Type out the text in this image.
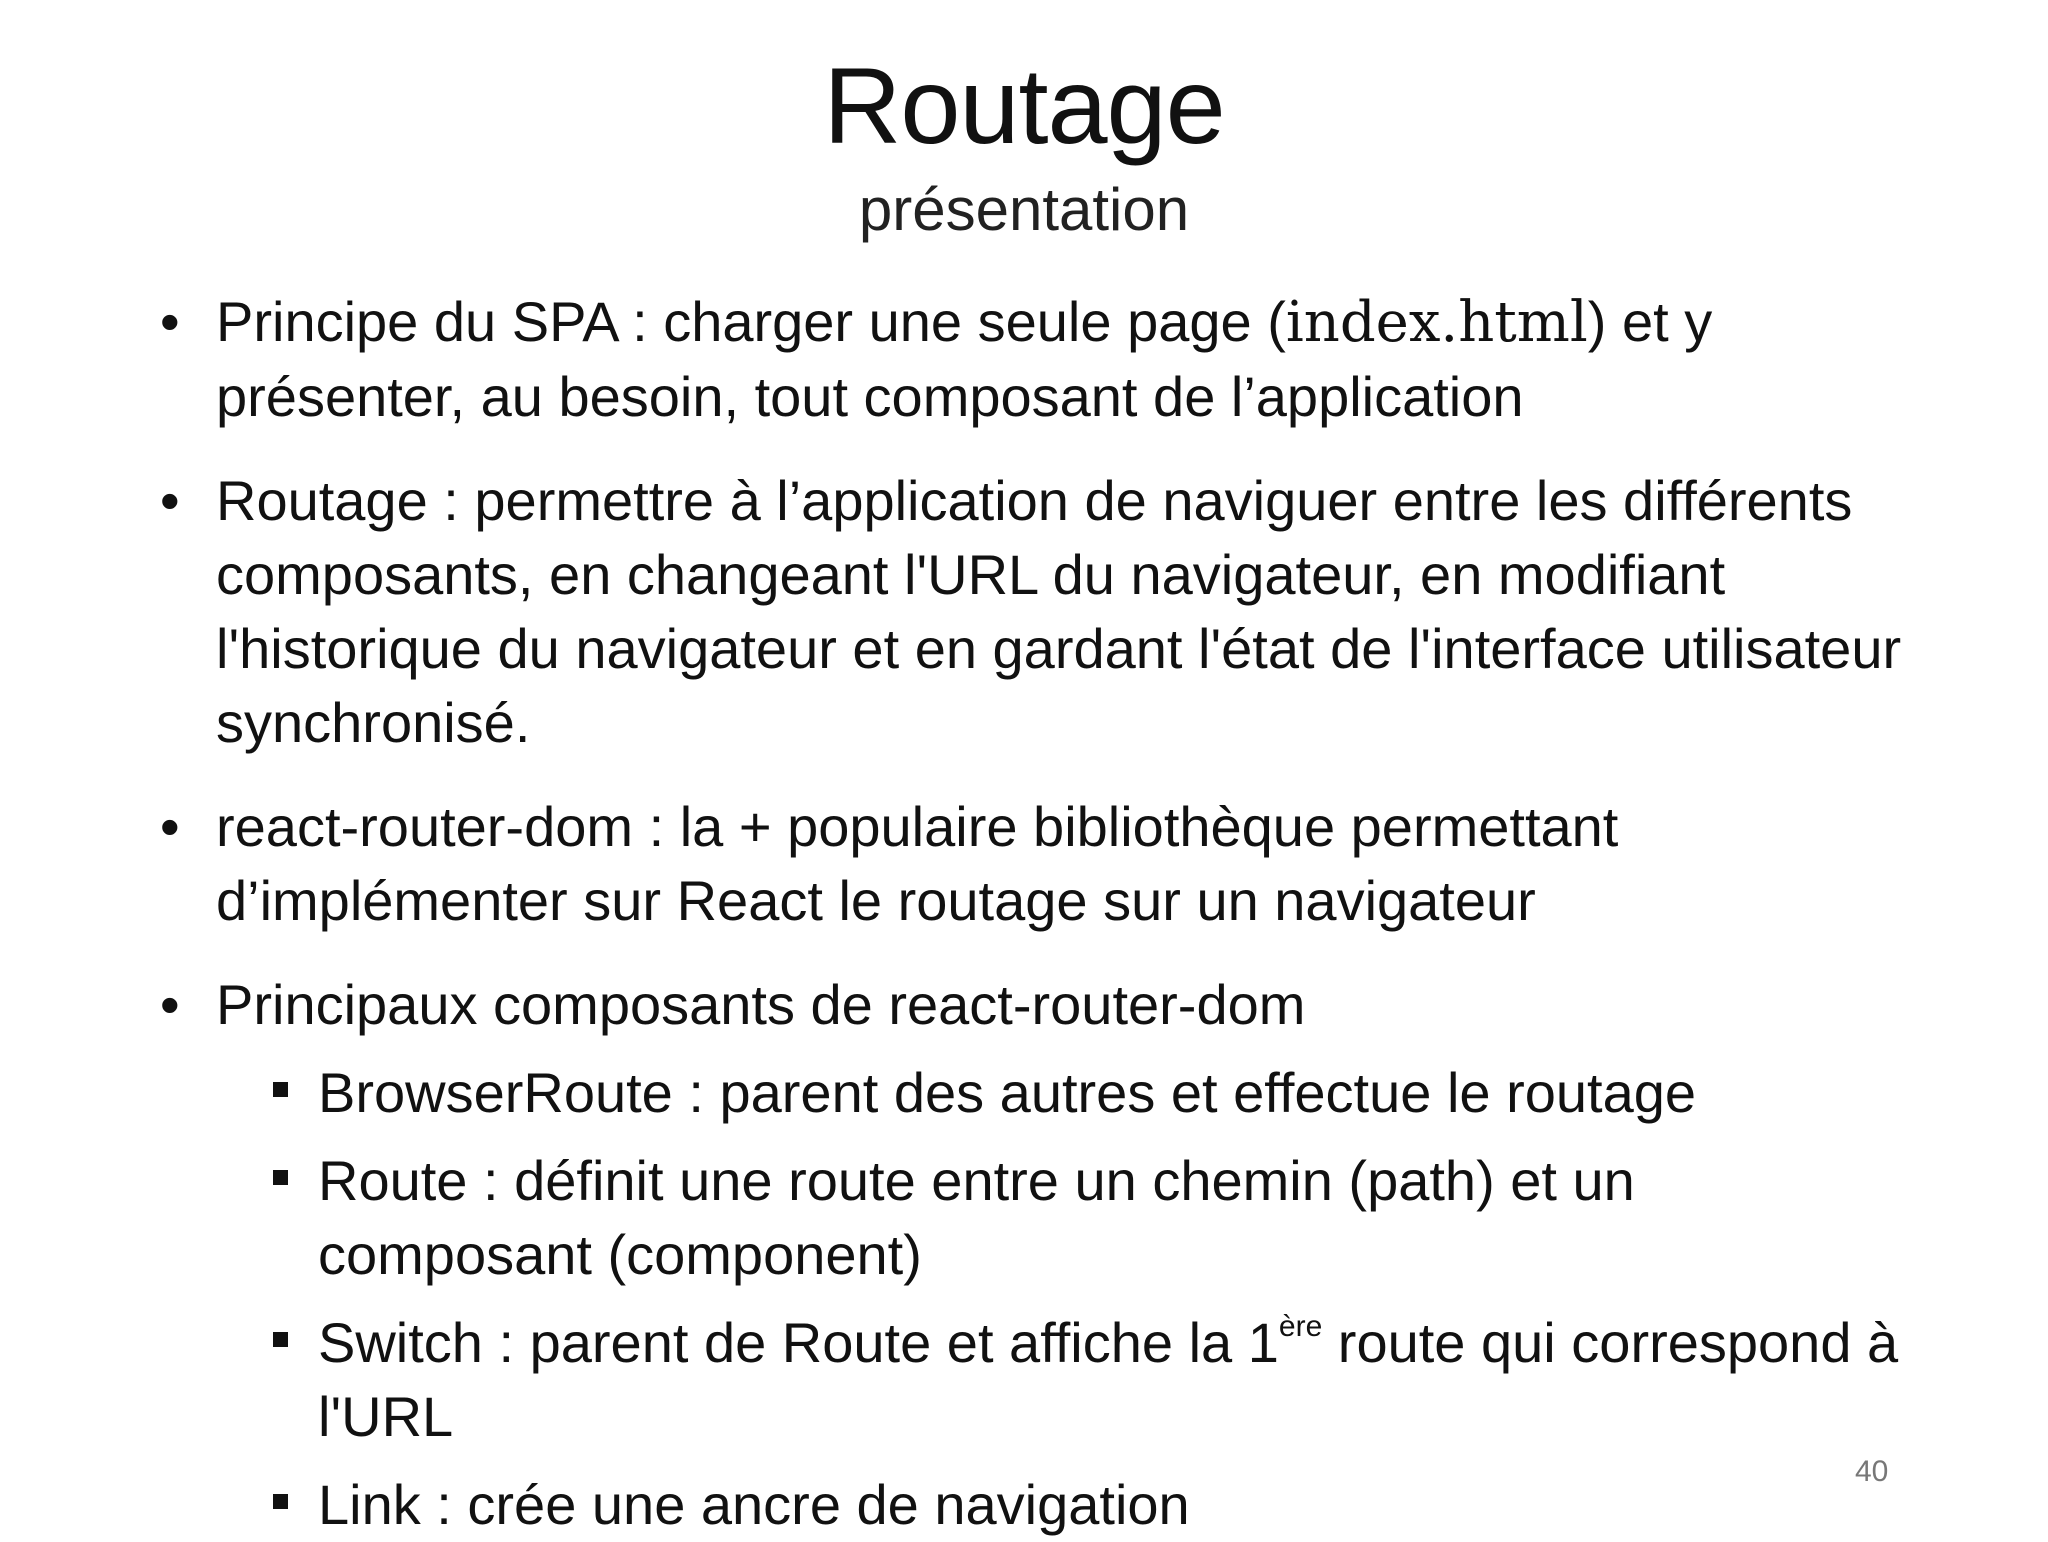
Routage
présentation
• Principe du SPA : charger une seule page (index.html) et y présenter, au besoin, tout composant de l’application
• Routage : permettre à l’application de naviguer entre les différents composants, en changeant l'URL du navigateur, en modifiant l'historique du navigateur et en gardant l'état de l'interface utilisateur synchronisé.
• react-router-dom : la + populaire bibliothèque permettant d’implémenter sur React le routage sur un navigateur
• Principaux composants de react-router-dom
BrowserRoute : parent des autres et effectue le routage
Route : définit une route entre un chemin (path) et un composant (component)
Switch : parent de Route et affiche la 1ère route qui correspond à l'URL
Link : crée une ancre de navigation
40
